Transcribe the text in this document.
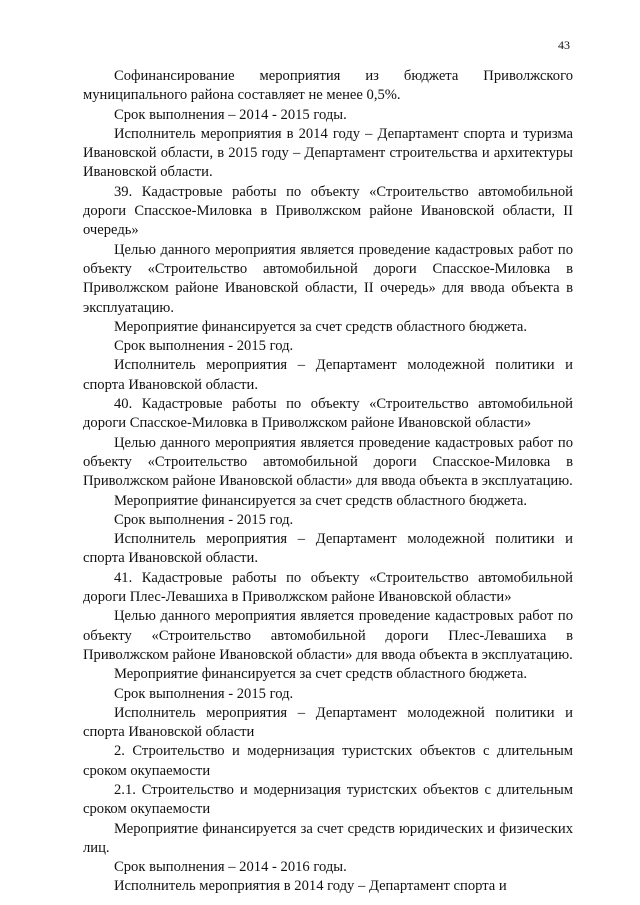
43

Софинансирование мероприятия из бюджета Приволжского муниципального района составляет не менее 0,5%.

Срок выполнения – 2014 - 2015 годы.

Исполнитель мероприятия в 2014 году – Департамент спорта и туризма Ивановской области, в 2015 году – Департамент строительства и архитектуры Ивановской области.

39. Кадастровые работы по объекту «Строительство автомобильной дороги Спасское-Миловка в Приволжском районе Ивановской области, II очередь»

Целью данного мероприятия является проведение кадастровых работ по объекту «Строительство автомобильной дороги Спасское-Миловка в Приволжском районе Ивановской области, II очередь» для ввода объекта в эксплуатацию.

Мероприятие финансируется за счет средств областного бюджета.

Срок выполнения - 2015 год.

Исполнитель мероприятия – Департамент молодежной политики и спорта Ивановской области.

40. Кадастровые работы по объекту «Строительство автомобильной дороги Спасское-Миловка в Приволжском районе Ивановской области»

Целью данного мероприятия является проведение кадастровых работ по объекту «Строительство автомобильной дороги Спасское-Миловка в Приволжском районе Ивановской области» для ввода объекта в эксплуатацию.

Мероприятие финансируется за счет средств областного бюджета.

Срок выполнения - 2015 год.

Исполнитель мероприятия – Департамент молодежной политики и спорта Ивановской области.

41. Кадастровые работы по объекту «Строительство автомобильной дороги Плес-Левашиха в Приволжском районе Ивановской области»

Целью данного мероприятия является проведение кадастровых работ по объекту «Строительство автомобильной дороги Плес-Левашиха в Приволжском районе Ивановской области» для ввода объекта в эксплуатацию.

Мероприятие финансируется за счет средств областного бюджета.

Срок выполнения - 2015 год.

Исполнитель мероприятия – Департамент молодежной политики и спорта Ивановской области

2. Строительство и модернизация туристских объектов с длительным сроком окупаемости

2.1. Строительство и модернизация туристских объектов с длительным сроком окупаемости

Мероприятие финансируется за счет средств юридических и физических лиц.

Срок выполнения – 2014 - 2016 годы.

Исполнитель мероприятия в 2014 году – Департамент спорта и
